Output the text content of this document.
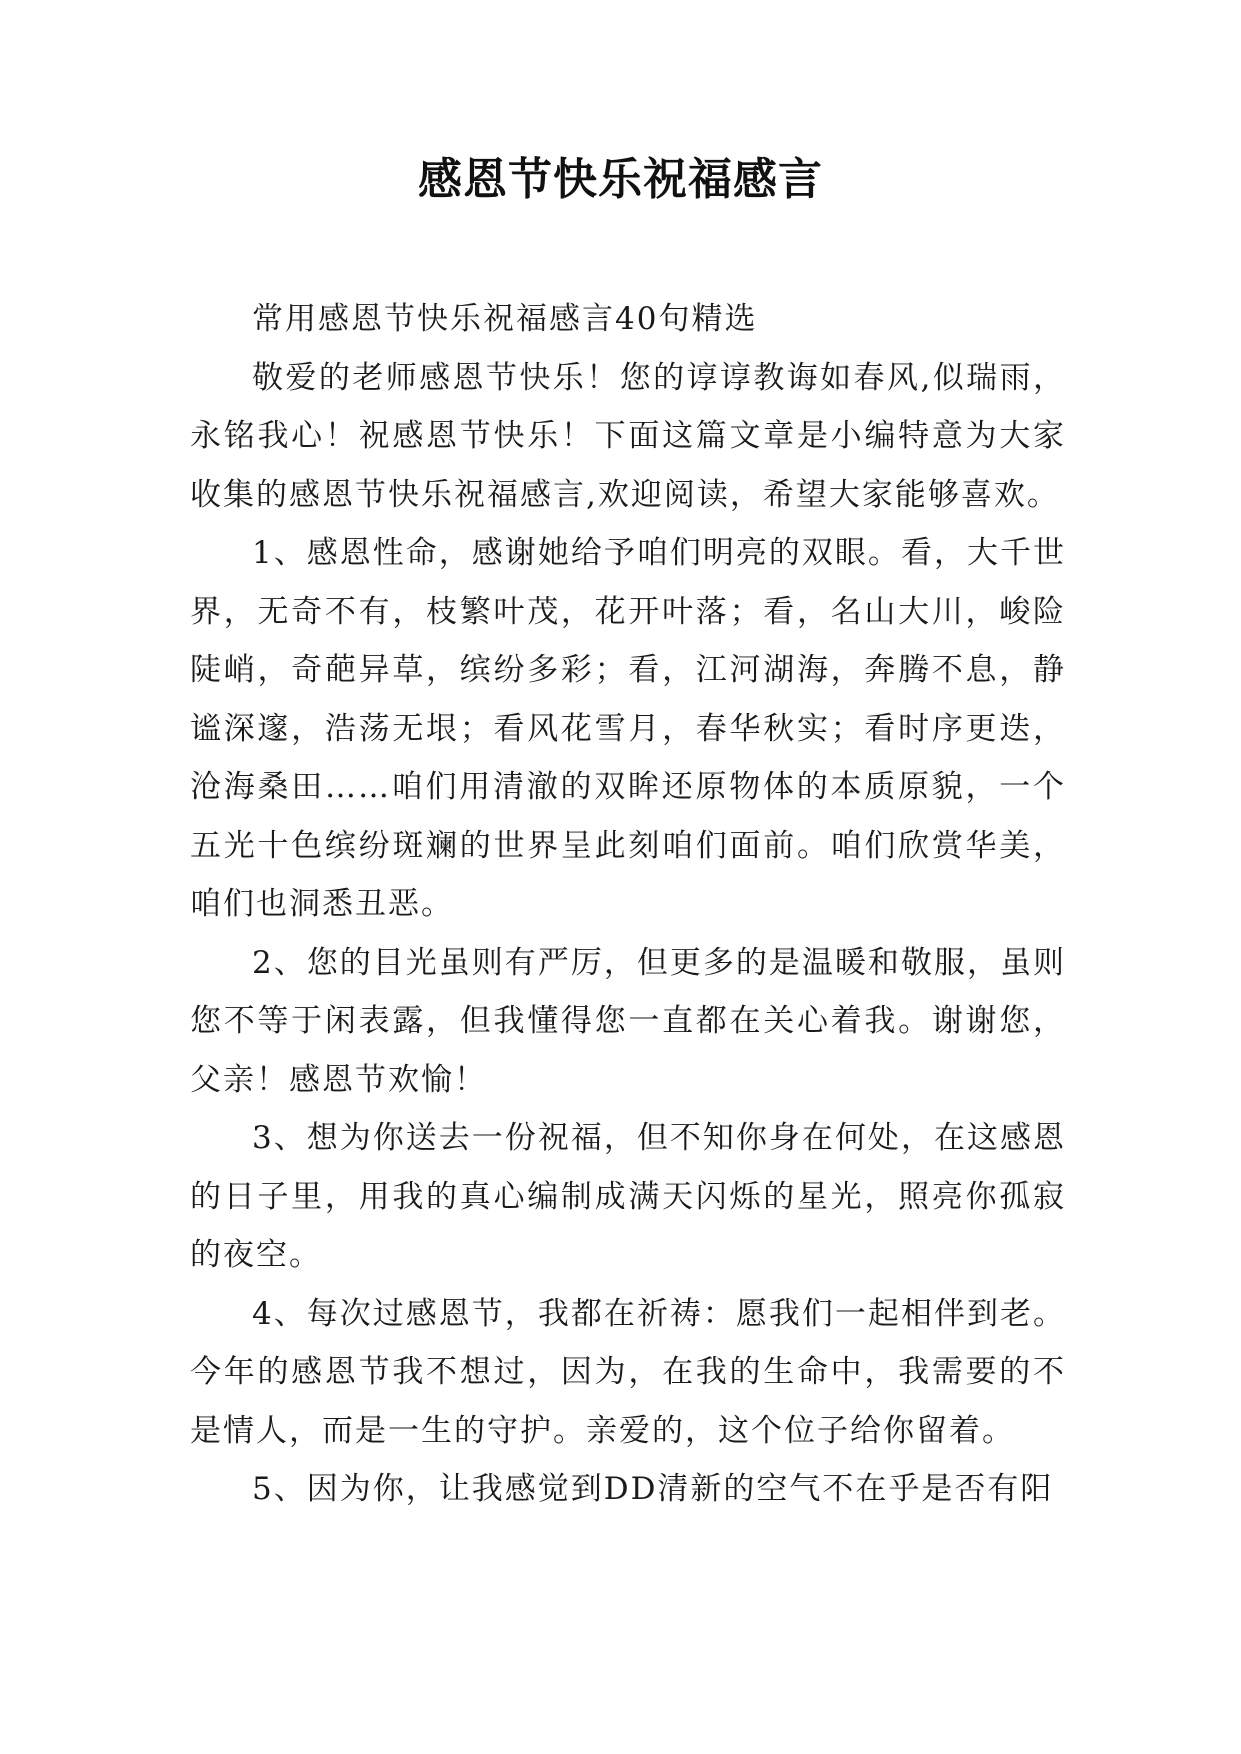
感恩节快乐祝福感言

常用感恩节快乐祝福感言40句精选

敬爱的老师感恩节快乐！您的谆谆教诲如春风,似瑞雨，永铭我心！祝感恩节快乐！下面这篇文章是小编特意为大家收集的感恩节快乐祝福感言,欢迎阅读，希望大家能够喜欢。

1、感恩性命，感谢她给予咱们明亮的双眼。看，大千世界，无奇不有，枝繁叶茂，花开叶落；看，名山大川，峻险陡峭，奇葩异草，缤纷多彩；看，江河湖海，奔腾不息，静谧深邃，浩荡无垠；看风花雪月，春华秋实；看时序更迭，沧海桑田……咱们用清澈的双眸还原物体的本质原貌，一个五光十色缤纷斑斓的世界呈此刻咱们面前。咱们欣赏华美，咱们也洞悉丑恶。

2、您的目光虽则有严厉，但更多的是温暖和敬服，虽则您不等于闲表露，但我懂得您一直都在关心着我。谢谢您，父亲！感恩节欢愉！

3、想为你送去一份祝福，但不知你身在何处，在这感恩的日子里，用我的真心编制成满天闪烁的星光，照亮你孤寂的夜空。

4、每次过感恩节，我都在祈祷：愿我们一起相伴到老。今年的感恩节我不想过，因为，在我的生命中，我需要的不是情人，而是一生的守护。亲爱的，这个位子给你留着。

5、因为你，让我感觉到DD清新的空气不在乎是否有阳
